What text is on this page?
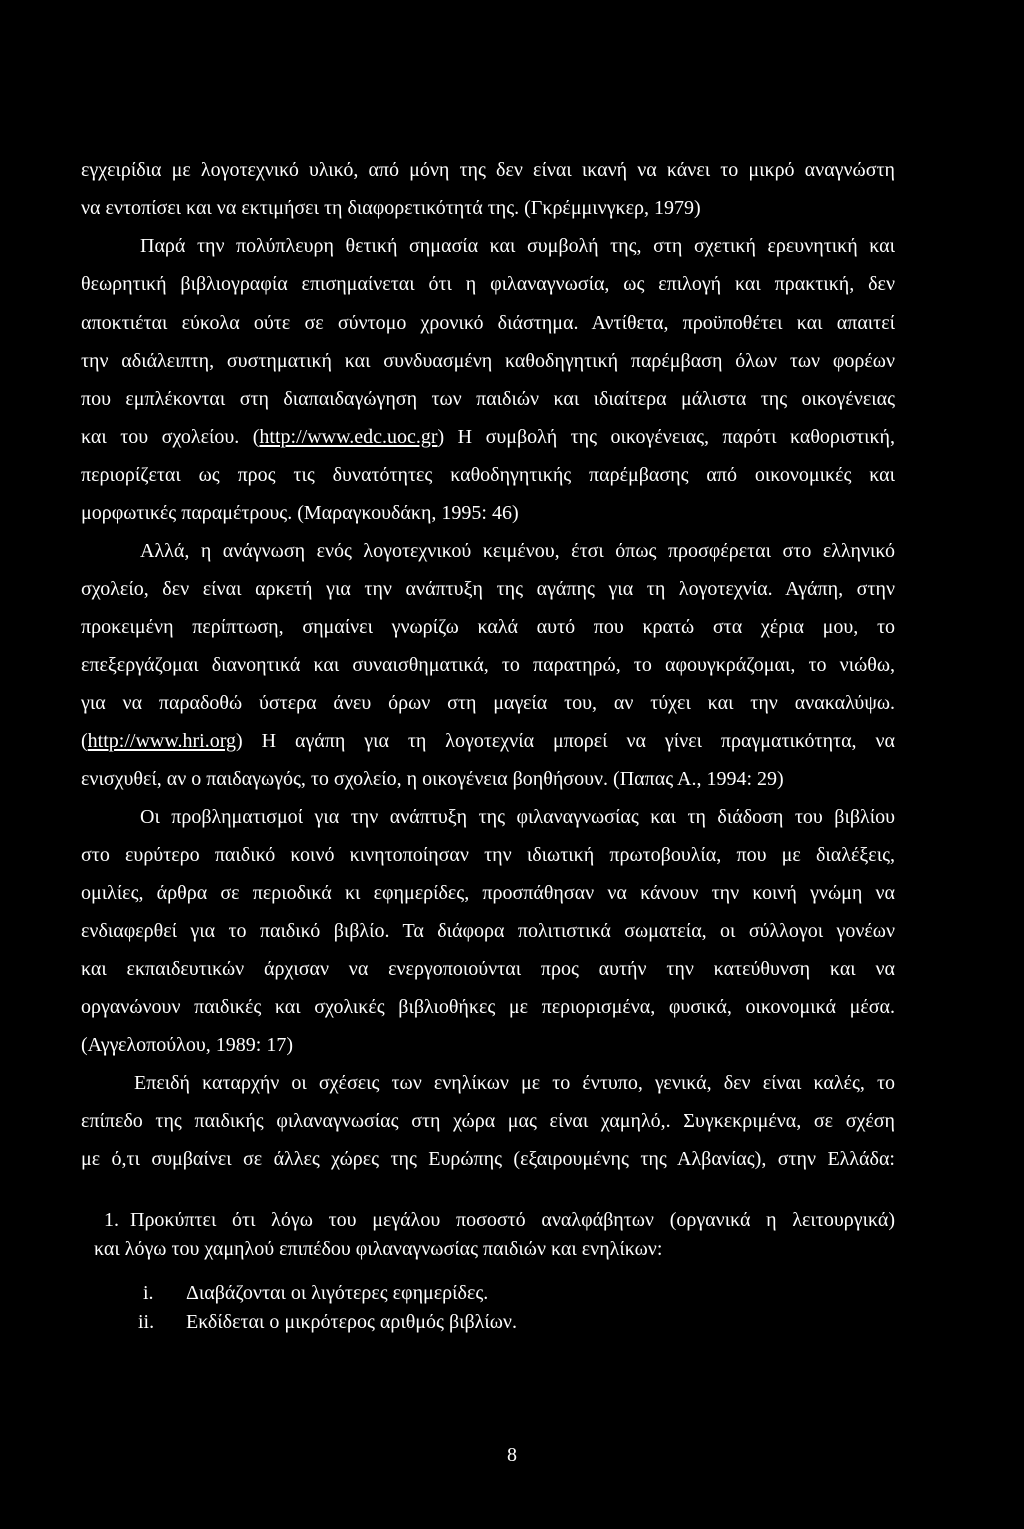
εγχειρίδια με λογοτεχνικό υλικό, από μόνη της δεν είναι ικανή να κάνει το μικρό αναγνώστη
να εντοπίσει και να εκτιμήσει τη διαφορετικότητά της. (Γκρέμμινγκερ, 1979)
Παρά την πολύπλευρη θετική σημασία και συμβολή της, στη σχετική ερευνητική και
θεωρητική βιβλιογραφία επισημαίνεται ότι η φιλαναγνωσία, ως επιλογή και πρακτική, δεν
αποκτιέται εύκολα ούτε σε σύντομο χρονικό διάστημα. Αντίθετα, προϋποθέτει και απαιτεί
την αδιάλειπτη, συστηματική και συνδυασμένη καθοδηγητική παρέμβαση όλων των φορέων
που εμπλέκονται στη διαπαιδαγώγηση των παιδιών και ιδιαίτερα μάλιστα της οικογένειας
και του σχολείου. (http://www.edc.uoc.gr) Η συμβολή της οικογένειας, παρότι καθοριστική,
περιορίζεται ως προς τις δυνατότητες καθοδηγητικής παρέμβασης από οικονομικές και
μορφωτικές παραμέτρους. (Μαραγκουδάκη, 1995: 46)
Αλλά, η ανάγνωση ενός λογοτεχνικού κειμένου, έτσι όπως προσφέρεται στο ελληνικό
σχολείο, δεν είναι αρκετή για την ανάπτυξη της αγάπης για τη λογοτεχνία. Αγάπη, στην
προκειμένη περίπτωση, σημαίνει γνωρίζω καλά αυτό που κρατώ στα χέρια μου, το
επεξεργάζομαι διανοητικά και συναισθηματικά, το παρατηρώ, το αφουγκράζομαι, το νιώθω,
για να παραδοθώ ύστερα άνευ όρων στη μαγεία του, αν τύχει και την ανακαλύψω.
(http://www.hri.org) Η αγάπη για τη λογοτεχνία μπορεί να γίνει πραγματικότητα, να
ενισχυθεί, αν ο παιδαγωγός, το σχολείο, η οικογένεια βοηθήσουν. (Παπας Α., 1994: 29)
Οι προβληματισμοί για την ανάπτυξη της φιλαναγνωσίας και τη διάδοση του βιβλίου
στο ευρύτερο παιδικό κοινό κινητοποίησαν την ιδιωτική πρωτοβουλία, που με διαλέξεις,
ομιλίες, άρθρα σε περιοδικά κι εφημερίδες, προσπάθησαν να κάνουν την κοινή γνώμη να
ενδιαφερθεί για το παιδικό βιβλίο. Τα διάφορα πολιτιστικά σωματεία, οι σύλλογοι γονέων
και εκπαιδευτικών άρχισαν να ενεργοποιούνται προς αυτήν την κατεύθυνση και να
οργανώνουν παιδικές και σχολικές βιβλιοθήκες με περιορισμένα, φυσικά, οικονομικά μέσα.
(Αγγελοπούλου, 1989: 17)
Επειδή καταρχήν οι σχέσεις των ενηλίκων με το έντυπο, γενικά, δεν είναι καλές, το
επίπεδο της παιδικής φιλαναγνωσίας στη χώρα μας είναι χαμηλό,. Συγκεκριμένα, σε σχέση
με ό,τι συμβαίνει σε άλλες χώρες της Ευρώπης (εξαιρουμένης της Αλβανίας), στην Ελλάδα:
1. Προκύπτει ότι λόγω του μεγάλου ποσοστό αναλφάβητων (οργανικά η λειτουργικά)
και λόγω του χαμηλού επιπέδου φιλαναγνωσίας παιδιών και ενηλίκων:
i. Διαβάζονται οι λιγότερες εφημερίδες.
ii. Εκδίδεται ο μικρότερος αριθμός βιβλίων.
8
